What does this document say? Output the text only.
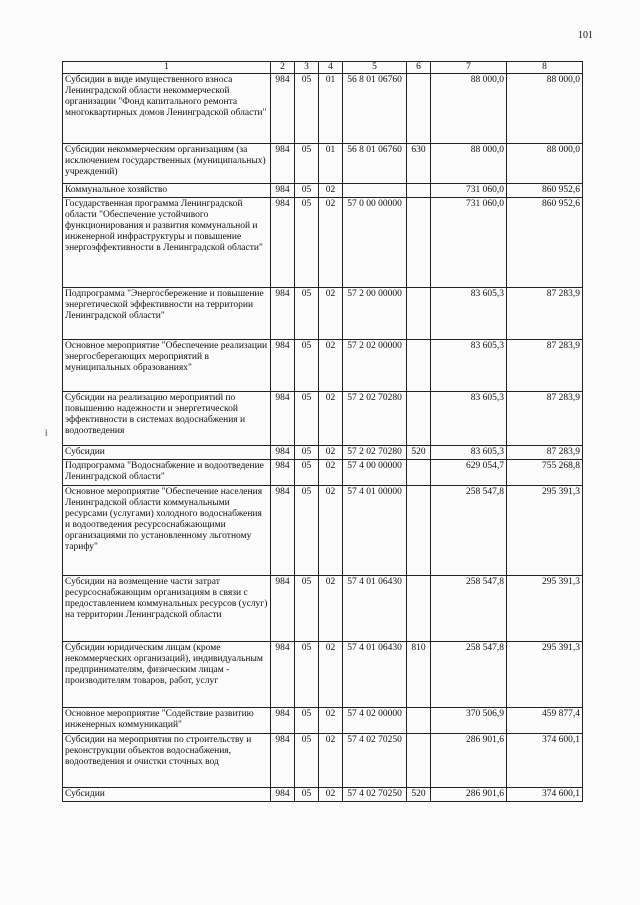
101
ⱡ
1	2	3	4	5	6	7	8
Субсидии в виде имущественного взноса Ленинградской области некоммерческой организации "Фонд капитального ремонта многоквартирных домов Ленинградской области"	984	05	01	56 8 01 06760		88 000,0	88 000,0
Субсидии некоммерческим организациям (за исключением государственных (муниципальных) учреждений)	984	05	01	56 8 01 06760	630	88 000,0	88 000,0
Коммунальное хозяйство	984	05	02			731 060,0	860 952,6
Государственная программа Ленинградской области "Обеспечение устойчивого функционирования и развития коммунальной и инженерной инфраструктуры и повышение энергоэффективности в Ленинградской области"	984	05	02	57 0 00 00000		731 060,0	860 952,6
Подпрограмма "Энергосбережение и повышение энергетической эффективности на территории Ленинградской области"	984	05	02	57 2 00 00000		83 605,3	87 283,9
Основное мероприятие "Обеспечение реализации энергосберегающих мероприятий в муниципальных образованиях"	984	05	02	57 2 02 00000		83 605,3	87 283,9
Субсидии на реализацию мероприятий по повышению надежности и энергетической эффективности в системах водоснабжения и водоотведения	984	05	02	57 2 02 70280		83 605,3	87 283,9
Субсидии	984	05	02	57 2 02 70280	520	83 605,3	87 283,9
Подпрограмма "Водоснабжение и водоотведение Ленинградской области"	984	05	02	57 4 00 00000		629 054,7	755 268,8
Основное мероприятие "Обеспечение населения Ленинградской области коммунальными ресурсами (услугами) холодного водоснабжения и водоотведения ресурсоснабжающими организациями по установленному льготному тарифу"	984	05	02	57 4 01 00000		258 547,8	295 391,3
Субсидии на возмещение части затрат ресурсоснабжающим организациям в связи с предоставлением коммунальных ресурсов (услуг) на территории Ленинградской области	984	05	02	57 4 01 06430		258 547,8	295 391,3
Субсидии юридическим лицам (кроме некоммерческих организаций), индивидуальным предпринимателям, физическим лицам - производителям товаров, работ, услуг	984	05	02	57 4 01 06430	810	258 547,8	295 391,3
Основное мероприятие "Содействие развитию инженерных коммуникаций"	984	05	02	57 4 02 00000		370 506,9	459 877,4
Субсидии на мероприятия по строительству и реконструкции объектов водоснабжения, водоотведения и очистки сточных вод	984	05	02	57 4 02 70250		286 901,6	374 600,1
Субсидии	984	05	02	57 4 02 70250	520	286 901,6	374 600,1
